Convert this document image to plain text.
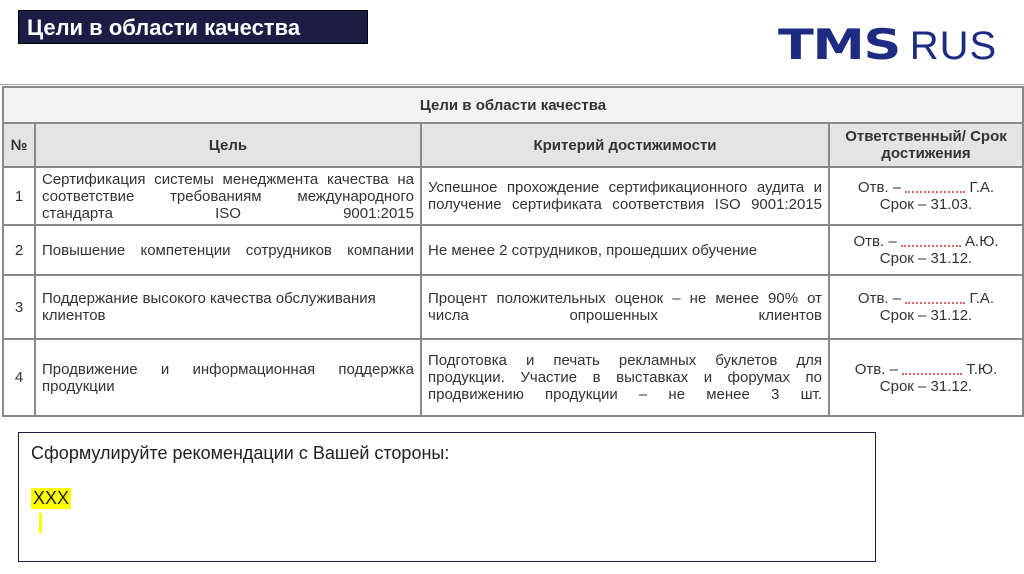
Цели в области качества	TMS RUS
Цели в области качества			
№	Цель	Критерий достижимости	Ответственный/ Срок достижения
1	Сертификация системы менеджмента качества на соответствие требованиям международного стандарта ISO 9001:2015	Успешное прохождение сертификационного аудита и получение сертификата соответствия ISO 9001:2015	Отв. – Г.А.
Срок – 31.03.
2	Повышение компетенции сотрудников компании	Не менее 2 сотрудников, прошедших обучение	Отв. – А.Ю.
Срок – 31.12.
3	Поддержание высокого качества обслуживания клиентов	Процент положительных оценок – не менее 90% от числа опрошенных клиентов	Отв. – Г.А.
Срок – 31.12.
4	Продвижение и информационная поддержка продукции	Подготовка и печать рекламных буклетов для продукции. Участие в выставках и форумах по продвижению продукции – не менее 3 шт.	Отв. – Т.Ю.
Срок – 31.12.
Сформулируйте рекомендации с Вашей стороны:
XXX
